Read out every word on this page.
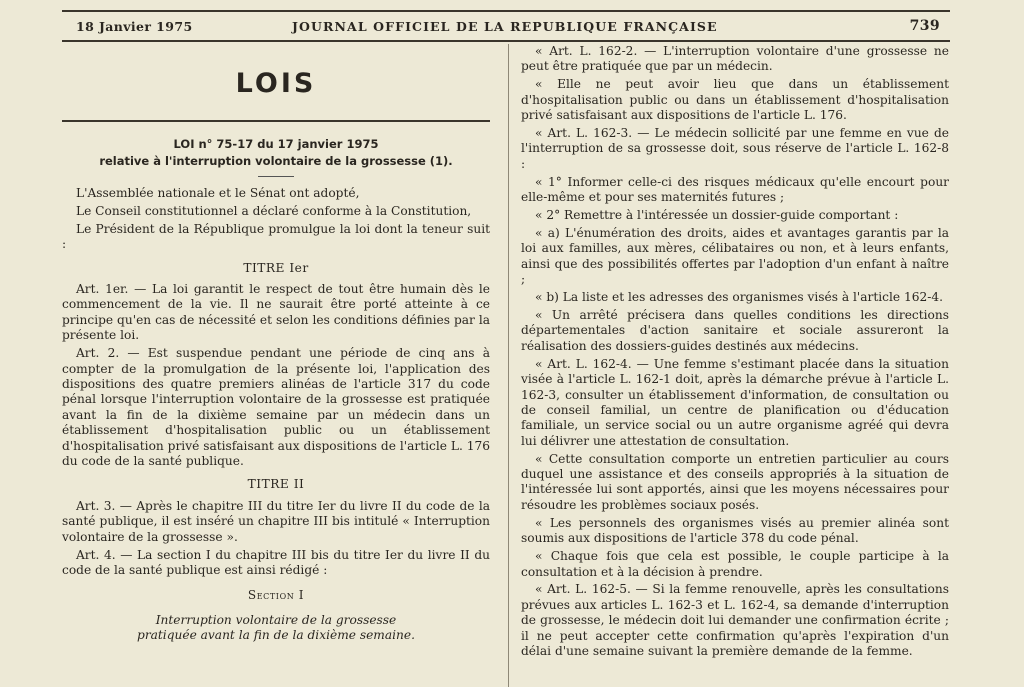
18 Janvier 1975	JOURNAL OFFICIEL DE LA REPUBLIQUE FRANÇAISE	739
LOIS
LOI n° 75-17 du 17 janvier 1975
relative à l'interruption volontaire de la grossesse (1).

L'Assemblée nationale et le Sénat ont adopté,

Le Conseil constitutionnel a déclaré conforme à la Constitution,

Le Président de la République promulgue la loi dont la teneur suit :

TITRE Ier

Art. 1er. — La loi garantit le respect de tout être humain dès le commencement de la vie. Il ne saurait être porté atteinte à ce principe qu'en cas de nécessité et selon les conditions définies par la présente loi.

Art. 2. — Est suspendue pendant une période de cinq ans à compter de la promulgation de la présente loi, l'application des dispositions des quatre premiers alinéas de l'article 317 du code pénal lorsque l'interruption volontaire de la grossesse est pratiquée avant la fin de la dixième semaine par un médecin dans un établissement d'hospitalisation public ou un établissement d'hospitalisation privé satisfaisant aux dispositions de l'article L. 176 du code de la santé publique.

TITRE II

Art. 3. — Après le chapitre III du titre Ier du livre II du code de la santé publique, il est inséré un chapitre III bis intitulé « Interruption volontaire de la grossesse ».

Art. 4. — La section I du chapitre III bis du titre Ier du livre II du code de la santé publique est ainsi rédigé :

Section I
Interruption volontaire de la grossesse
pratiquée avant la fin de la dixième semaine.

« Art. L. 162-2. — L'interruption volontaire d'une grossesse ne peut être pratiquée que par un médecin.

« Elle ne peut avoir lieu que dans un établissement d'hospitalisation public ou dans un établissement d'hospitalisation privé satisfaisant aux dispositions de l'article L. 176.

« Art. L. 162-3. — Le médecin sollicité par une femme en vue de l'interruption de sa grossesse doit, sous réserve de l'article L. 162-8 :

« 1° Informer celle-ci des risques médicaux qu'elle encourt pour elle-même et pour ses maternités futures ;

« 2° Remettre à l'intéressée un dossier-guide comportant :

« a) L'énumération des droits, aides et avantages garantis par la loi aux familles, aux mères, célibataires ou non, et à leurs enfants, ainsi que des possibilités offertes par l'adoption d'un enfant à naître ;

« b) La liste et les adresses des organismes visés à l'article 162-4.

« Un arrêté précisera dans quelles conditions les directions départementales d'action sanitaire et sociale assureront la réalisation des dossiers-guides destinés aux médecins.

« Art. L. 162-4. — Une femme s'estimant placée dans la situation visée à l'article L. 162-1 doit, après la démarche prévue à l'article L. 162-3, consulter un établissement d'information, de consultation ou de conseil familial, un centre de planification ou d'éducation familiale, un service social ou un autre organisme agréé qui devra lui délivrer une attestation de consultation.

« Cette consultation comporte un entretien particulier au cours duquel une assistance et des conseils appropriés à la situation de l'intéressée lui sont apportés, ainsi que les moyens nécessaires pour résoudre les problèmes sociaux posés.

« Les personnels des organismes visés au premier alinéa sont soumis aux dispositions de l'article 378 du code pénal.

« Chaque fois que cela est possible, le couple participe à la consultation et à la décision à prendre.

« Art. L. 162-5. — Si la femme renouvelle, après les consultations prévues aux articles L. 162-3 et L. 162-4, sa demande d'interruption de grossesse, le médecin doit lui demander une confirmation écrite ; il ne peut accepter cette confirmation qu'après l'expiration d'un délai d'une semaine suivant la première demande de la femme.
